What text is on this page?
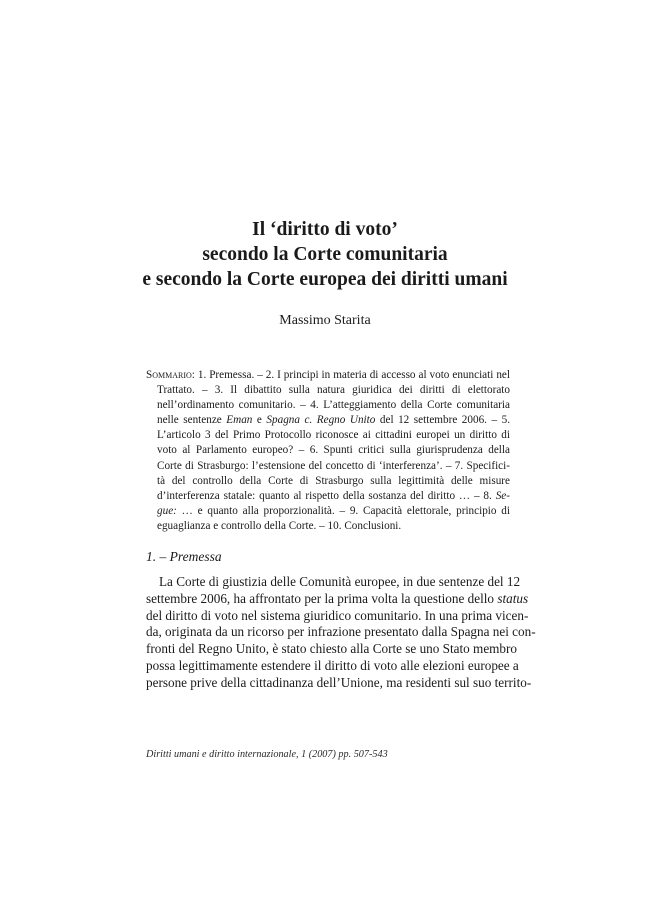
Il ‘diritto di voto’
secondo la Corte comunitaria
e secondo la Corte europea dei diritti umani
Massimo Starita
Sommario: 1. Premessa. – 2. I principi in materia di accesso al voto enunciati nel
Trattato. – 3. Il dibattito sulla natura giuridica dei diritti di elettorato
nell’ordinamento comunitario. – 4. L’atteggiamento della Corte comunitaria
nelle sentenze Eman e Spagna c. Regno Unito del 12 settembre 2006. – 5.
L’articolo 3 del Primo Protocollo riconosce ai cittadini europei un diritto di
voto al Parlamento europeo? – 6. Spunti critici sulla giurisprudenza della
Corte di Strasburgo: l’estensione del concetto di ‘interferenza’. – 7. Specifici-
tà del controllo della Corte di Strasburgo sulla legittimità delle misure
d’interferenza statale: quanto al rispetto della sostanza del diritto … – 8. Se-
gue: … e quanto alla proporzionalità. – 9. Capacità elettorale, principio di
eguaglianza e controllo della Corte. – 10. Conclusioni.
1. – Premessa
La Corte di giustizia delle Comunità europee, in due sentenze del 12
settembre 2006, ha affrontato per la prima volta la questione dello status
del diritto di voto nel sistema giuridico comunitario. In una prima vicen-
da, originata da un ricorso per infrazione presentato dalla Spagna nei con-
fronti del Regno Unito, è stato chiesto alla Corte se uno Stato membro
possa legittimamente estendere il diritto di voto alle elezioni europee a
persone prive della cittadinanza dell’Unione, ma residenti sul suo territo-
Diritti umani e diritto internazionale, 1 (2007) pp. 507-543
